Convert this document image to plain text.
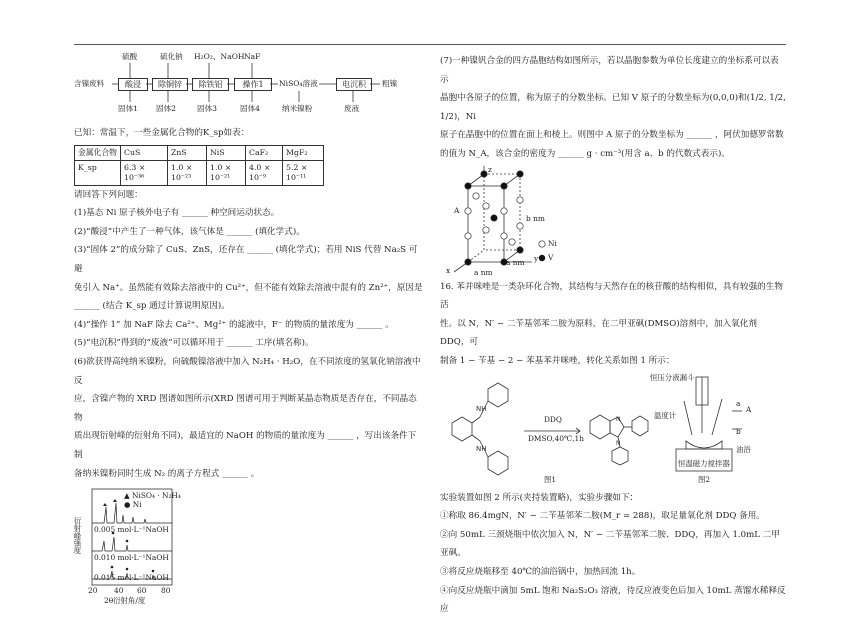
硫酸	硫化钠 H₂O₂、NaOH NaF
含镍废料	酸浸	除铜锌	除铁铝	操作1	NiSO₄溶液	电沉积	粗镍
固体1 固体2	固体3	固体4	纳米镍粉	废液

已知：常温下，一些金属化合物的K_sp如表：

金属化合物	CuS	ZnS	NiS	CaF₂	MgF₂
K_sp	6.3 × 10⁻³⁶	1.0 × 10⁻²³	1.0 × 10⁻²¹	4.0 × 10⁻⁹	5.2 × 10⁻¹¹

请回答下列问题：

(1)基态 Ni 原子核外电子有 ______ 种空间运动状态。

(2)“酸浸”中产生了一种气体，该气体是 ______ (填化学式)。

(3)“固体 2”的成分除了 CuS、ZnS，还存在 ______ (填化学式)；若用 NiS 代替 Na₂S 可避

免引入 Na⁺。虽然能有效除去溶液中的 Cu²⁺，但不能有效除去溶液中混有的 Zn²⁺，原因是

______ (结合 K_sp 通过计算说明原因)。

(4)“操作 1” 加 NaF 除去 Ca²⁺、Mg²⁺ 的滤液中，F⁻ 的物质的量浓度为 ______ 。

(5)“电沉积”得到的“废液”可以循环用于 ______ 工序(填名称)。

(6)欲获得高纯纳米镍粉，向硫酸镍溶液中加入 N₂H₄ · H₂O，在不同浓度的氢氧化钠溶液中反

应，含镍产物的 XRD 图谱如图所示(XRD 图谱可用于判断某晶态物质是否存在，不同晶态物

质出现衍射峰的衍射角不同)，最适宜的 NaOH 的物质的量浓度为 ______ ，写出该条件下制

备纳米镍粉同时生成 N₂ 的离子方程式 ______ 。

▲ NiSO₄ · N₂H₄
● Ni
0.005 mol·L⁻¹NaOH
0.010 mol·L⁻¹NaOH
0.015 mol·L⁻¹NaOH
衍射峰强度
20 40 60 80
2θ衍射角/度

(7)一种镍钒合金的四方晶胞结构如图所示，若以晶胞参数为单位长度建立的坐标系可以表示

晶胞中各原子的位置，称为原子的分数坐标。已知 V 原子的分数坐标为(0,0,0)和(1/2, 1/2, 1/2)，Ni

原子在晶胞中的位置在面上和棱上。则图中 A 原子的分数坐标为 ______ ，阿伏加德罗常数

的值为 N_A，该合金的密度为 ______ g · cm⁻³(用含 a、b 的代数式表示)。

z
A
b nm
y
x
a nm
a nm
Ni
V

16. 苯并咪唑是一类杂环化合物，其结构与天然存在的核苷酸的结构相似，具有较强的生物活

性。以 N，N′ − 二苄基邻苯二胺为原料，在二甲亚砜(DMSO)溶剂中，加入氧化剂 DDQ，可

制备 1 − 苄基 − 2 − 苯基苯并咪唑，转化关系如图 1 所示：

NH
NH
N
N
DDQ
DMSO,40℃,1h
图1	图2
恒压分液漏斗
温度计
a
A
b
油浴
恒温磁力搅拌器

实验装置如图 2 所示(夹持装置略)，实验步骤如下：

①称取 86.4mgN，N′ − 二苄基邻苯二胺(M_r = 288)，取足量氧化剂 DDQ 备用。

②向 50mL 三颈烧瓶中依次加入 N，N′ − 二苄基邻苯二胺、DDQ，再加入 1.0mL 二甲亚砜。

③将反应烧瓶移至 40℃的油浴锅中，加热回流 1h。

④向反应烧瓶中滴加 5mL 饱和 Na₂S₂O₃ 溶液，待反应液变色后加入 10mL 蒸馏水稀释反应
